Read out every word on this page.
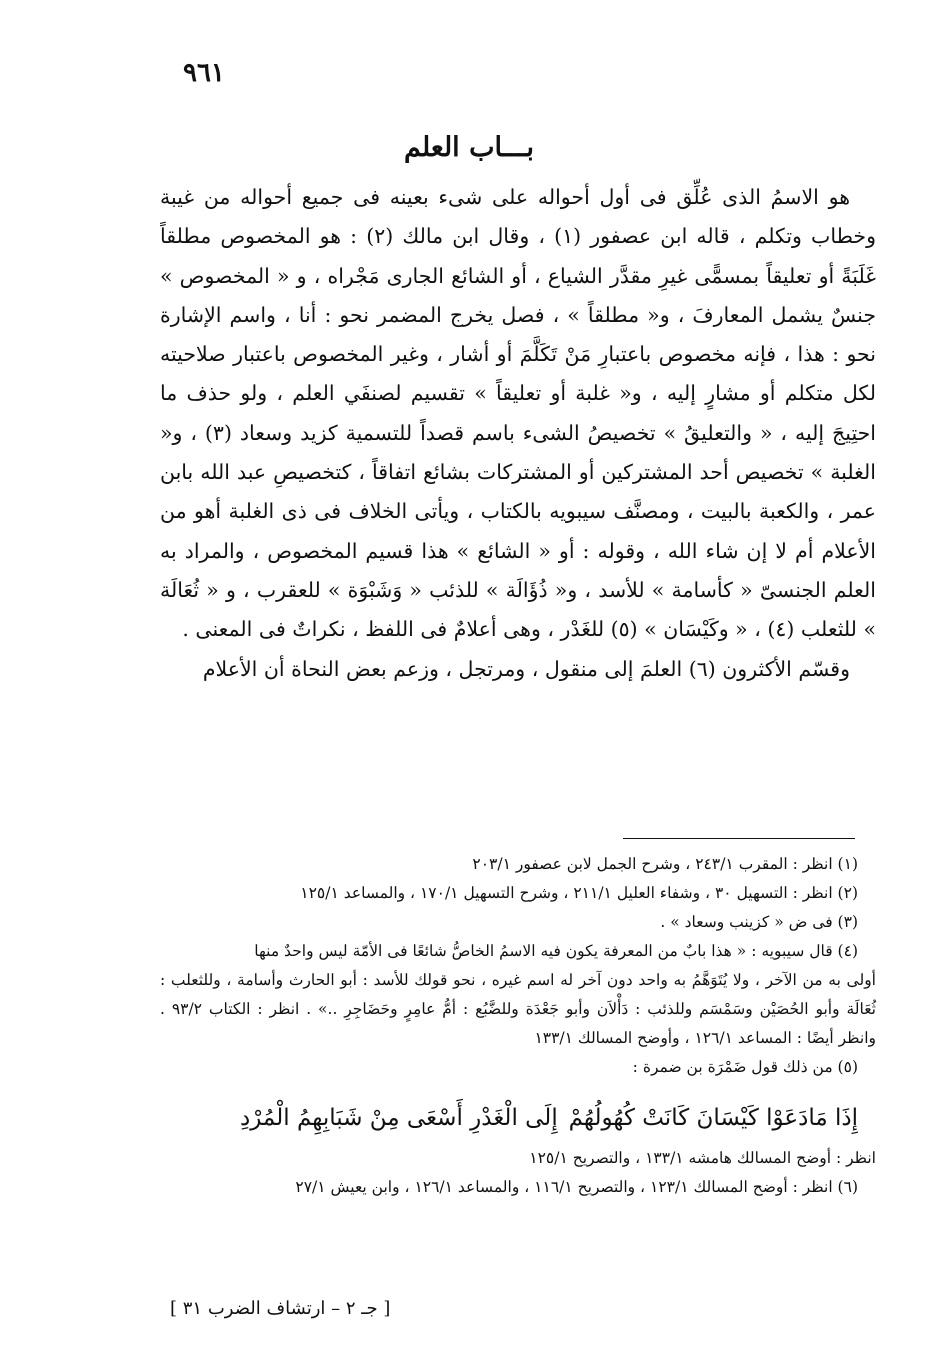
٩٦١
بـــاب العلم

هو الاسمُ الذى عُلِّق فى أول أحواله على شىء بعينه فى جميع أحواله من غيبة وخطاب وتكلم ، قاله ابن عصفور (١) ، وقال ابن مالك (٢) : هو المخصوص مطلقاً غَلَبَةً أو تعليقاً بمسمًّى غيرِ مقدَّر الشياع ، أو الشائع الجارى مَجْراه ، و « المخصوص » جنسٌ يشمل المعارفَ ، و« مطلقاً » ، فصل يخرج المضمر نحو : أنا ، واسم الإشارة نحو : هذا ، فإنه مخصوص باعتبارِ مَنْ تَكَلَّمَ أو أشار ، وغير المخصوص باعتبار صلاحيته لكل متكلم أو مشارٍ إليه ، و« غلبة أو تعليقاً » تقسيم لصنفَي العلم ، ولو حذف ما احتِيجَ إليه ، « والتعليقُ » تخصيصُ الشىء باسم قصداً للتسمية كزيد وسعاد (٣) ، و« الغلبة » تخصيص أحد المشتركين أو المشتركات بشائع اتفاقاً ، كتخصيصِ عبد الله بابن عمر ، والكعبة بالبيت ، ومصنَّف سيبويه بالكتاب ، ويأتى الخلاف فى ذى الغلبة أهو من الأعلام أم لا إن شاء الله ، وقوله : أو « الشائع » هذا قسيم المخصوص ، والمراد به العلم الجنسىّ « كأسامة » للأسد ، و« ذُؤَالَة » للذئب « وَشَبْوَة » للعقرب ، و « ثُعَالَة » للثعلب (٤) ، « وكَيْسَان » (٥) للغَدْر ، وهى أعلامٌ فى اللفظ ، نكراتٌ فى المعنى .

وقسّم الأكثرون (٦) العلمَ إلى منقول ، ومرتجل ، وزعم بعض النحاة أن الأعلام

(١) انظر : المقرب ٢٤٣/١ ، وشرح الجمل لابن عصفور ٢٠٣/١

(٢) انظر : التسهيل ٣٠ ، وشفاء العليل ٢١١/١ ، وشرح التسهيل ١٧٠/١ ، والمساعد ١٢٥/١

(٣) فى ض « كزينب وسعاد » .

(٤) قال سيبويه : « هذا بابٌ من المعرفة يكون فيه الاسمُ الخاصُّ شائعًا فى الأمّة ليس واحدٌ منها

أولى به من الآخر ، ولا يُتَوَهَّمُ به واحد دون آخر له اسم غيره ، نحو قولك للأسد : أبو الحارث وأسامة ، وللثعلب : ثُعَالَة وأبو الحُصَيْن وسَمْسَم وللذئب : دَأْلاَن وأبو جَعْدَة وللضَّبُع : أمُّ عامِرٍ وحَضَاجِرِ ..» . انظر : الكتاب ٩٣/٢ . وانظر أيضًا : المساعد ١٢٦/١ ، وأوضح المسالك ١٣٣/١

(٥) من ذلك قول ضَمْرَة بن ضمرة :

إِذَا مَادَعَوْا كَيْسَانَ كَانَتْ كُهُولُهُمْ
إِلَى الْغَدْرِ أَسْعَى مِنْ شَبَابِهِمُ الْمُرْدِ

انظر : أوضح المسالك هامشه ١٣٣/١ ، والتصريح ١٢٥/١

(٦) انظر : أوضح المسالك ١٢٣/١ ، والتصريح ١١٦/١ ، والمساعد ١٢٦/١ ، وابن يعيش ٢٧/١

[ جـ ٢ – ارتشاف الضرب ٣١ ]
